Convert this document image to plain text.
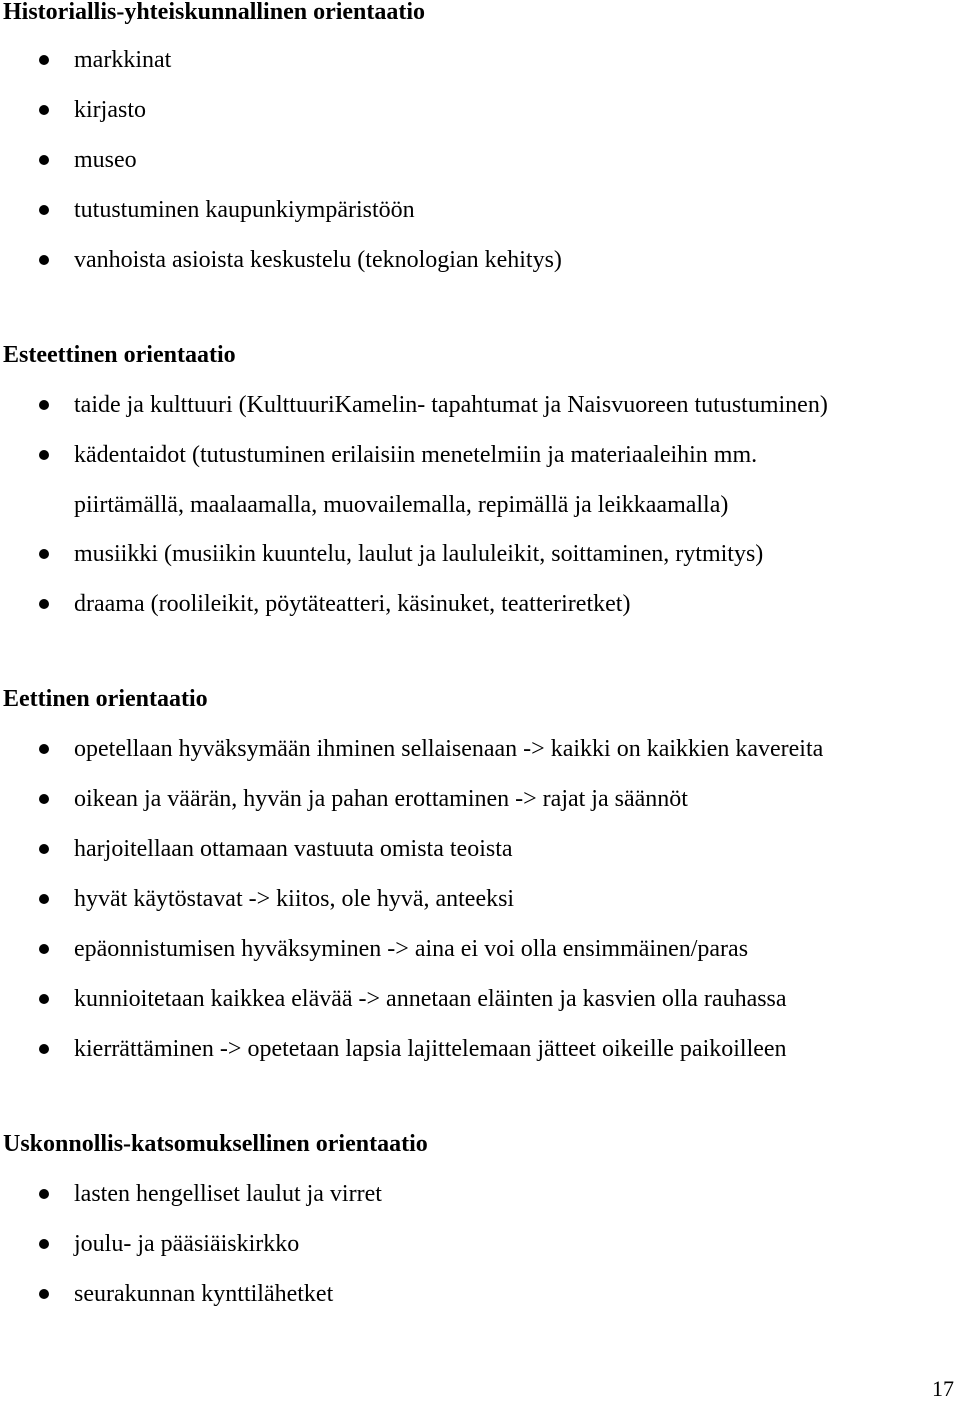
Historiallis-yhteiskunnallinen orientaatio
markkinat
kirjasto
museo
tutustuminen kaupunkiympäristöön
vanhoista asioista keskustelu (teknologian kehitys)
Esteettinen orientaatio
taide ja kulttuuri (KulttuuriKamelin- tapahtumat ja Naisvuoreen tutustuminen)
kädentaidot (tutustuminen erilaisiin menetelmiin ja materiaaleihin mm.
piirtämällä, maalaamalla, muovailemalla, repimällä ja leikkaamalla)
musiikki (musiikin kuuntelu, laulut ja laululeikit, soittaminen, rytmitys)
draama (roolileikit, pöytäteatteri, käsinuket, teatteriretket)
Eettinen orientaatio
opetellaan hyväksymään ihminen sellaisenaan -> kaikki on kaikkien kavereita
oikean ja väärän, hyvän ja pahan erottaminen -> rajat ja säännöt
harjoitellaan ottamaan vastuuta omista teoista
hyvät käytöstavat -> kiitos, ole hyvä, anteeksi
epäonnistumisen hyväksyminen -> aina ei voi olla ensimmäinen/paras
kunnioitetaan kaikkea elävää -> annetaan eläinten ja kasvien olla rauhassa
kierrättäminen -> opetetaan lapsia lajittelemaan jätteet oikeille paikoilleen
Uskonnollis-katsomuksellinen orientaatio
lasten hengelliset laulut ja virret
joulu- ja pääsiäiskirkko
seurakunnan kynttilähetket
17
